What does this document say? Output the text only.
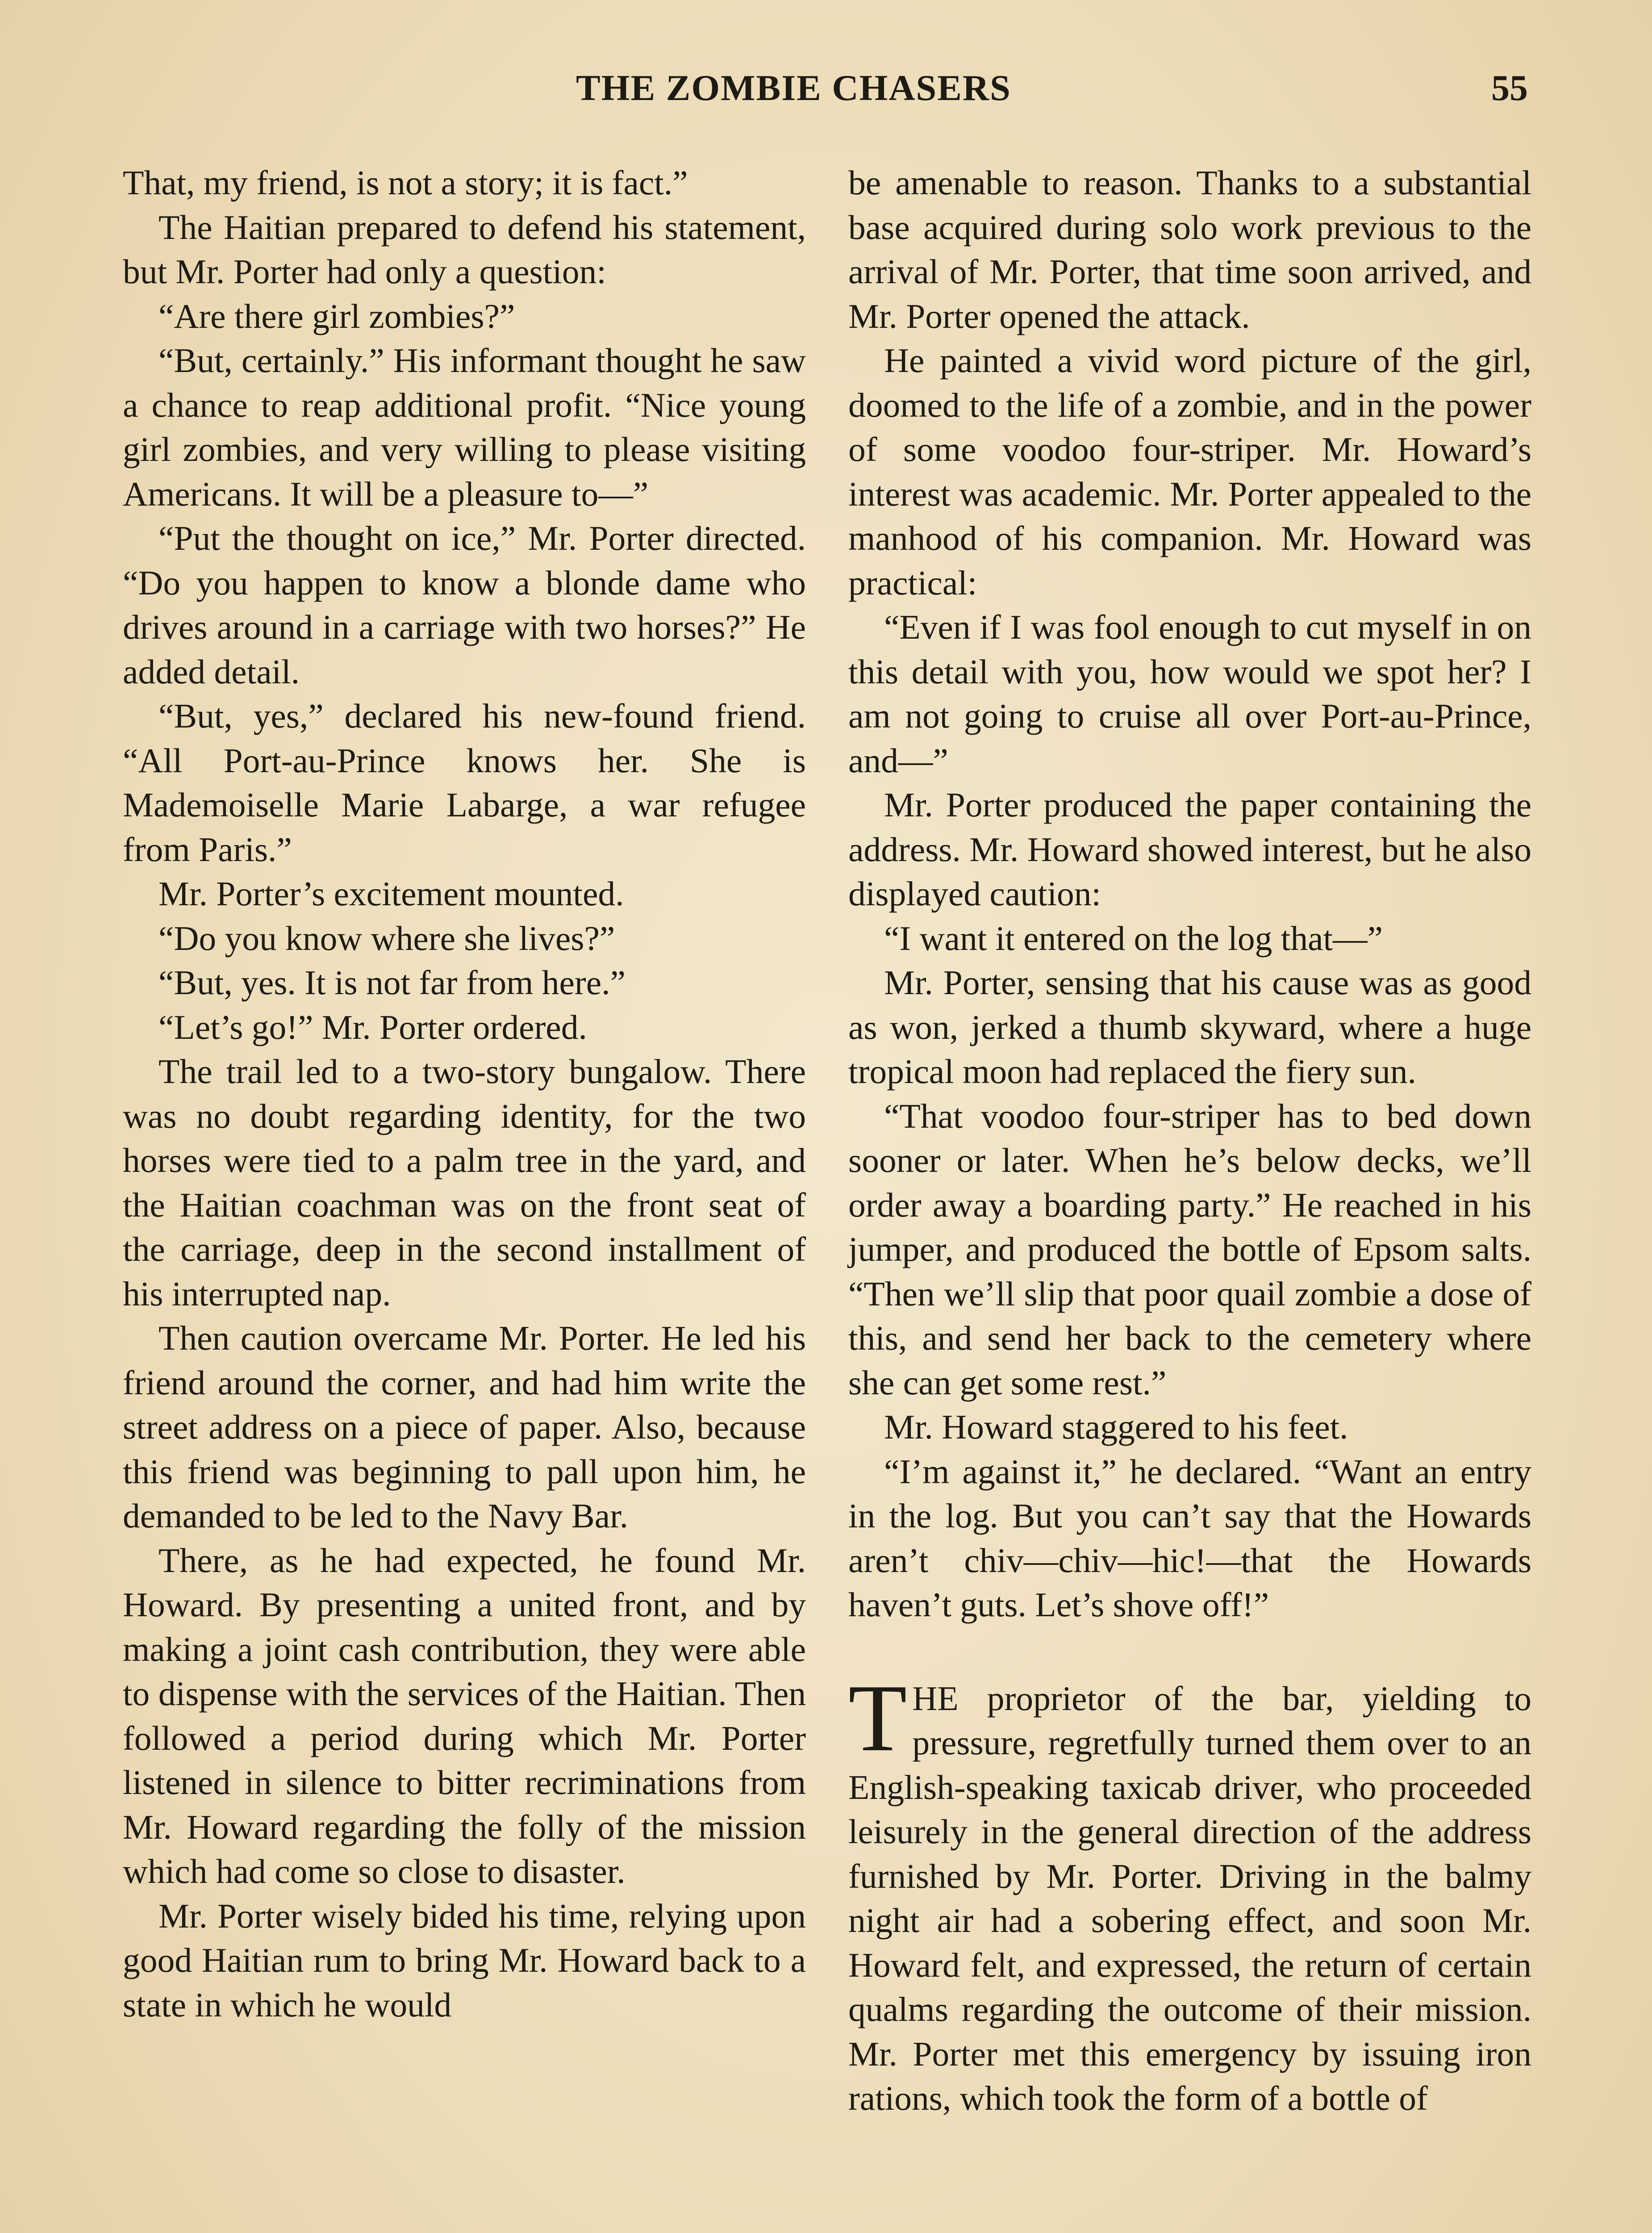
THE ZOMBIE CHASERS	55

That, my friend, is not a story; it is fact.”

The Haitian prepared to defend his statement, but Mr. Porter had only a question:

“Are there girl zombies?”

“But, certainly.” His informant thought he saw a chance to reap additional profit. “Nice young girl zombies, and very willing to please visiting Americans. It will be a pleasure to—”

“Put the thought on ice,” Mr. Porter directed. “Do you happen to know a blonde dame who drives around in a carriage with two horses?” He added detail.

“But, yes,” declared his new-found friend. “All Port-au-Prince knows her. She is Mademoiselle Marie Labarge, a war refugee from Paris.”

Mr. Porter’s excitement mounted.

“Do you know where she lives?”

“But, yes. It is not far from here.”

“Let’s go!” Mr. Porter ordered.

The trail led to a two-story bungalow. There was no doubt regarding identity, for the two horses were tied to a palm tree in the yard, and the Haitian coachman was on the front seat of the carriage, deep in the second installment of his interrupted nap.

Then caution overcame Mr. Porter. He led his friend around the corner, and had him write the street address on a piece of paper. Also, because this friend was beginning to pall upon him, he demanded to be led to the Navy Bar.

There, as he had expected, he found Mr. Howard. By presenting a united front, and by making a joint cash contribution, they were able to dispense with the services of the Haitian. Then followed a period during which Mr. Porter listened in silence to bitter recriminations from Mr. Howard regarding the folly of the mission which had come so close to disaster.

Mr. Porter wisely bided his time, relying upon good Haitian rum to bring Mr. Howard back to a state in which he would

be amenable to reason. Thanks to a substantial base acquired during solo work previous to the arrival of Mr. Porter, that time soon arrived, and Mr. Porter opened the attack.

He painted a vivid word picture of the girl, doomed to the life of a zombie, and in the power of some voodoo four-striper. Mr. Howard’s interest was academic. Mr. Porter appealed to the manhood of his companion. Mr. Howard was practical:

“Even if I was fool enough to cut myself in on this detail with you, how would we spot her? I am not going to cruise all over Port-au-Prince, and—”

Mr. Porter produced the paper containing the address. Mr. Howard showed interest, but he also displayed caution:

“I want it entered on the log that—”

Mr. Porter, sensing that his cause was as good as won, jerked a thumb skyward, where a huge tropical moon had replaced the fiery sun.

“That voodoo four-striper has to bed down sooner or later. When he’s below decks, we’ll order away a boarding party.” He reached in his jumper, and produced the bottle of Epsom salts. “Then we’ll slip that poor quail zombie a dose of this, and send her back to the cemetery where she can get some rest.”

Mr. Howard staggered to his feet.

“I’m against it,” he declared. “Want an entry in the log. But you can’t say that the Howards aren’t chiv—chiv—hic!—that the Howards haven’t guts. Let’s shove off!”

THE proprietor of the bar, yielding to pressure, regretfully turned them over to an English-speaking taxicab driver, who proceeded leisurely in the general direction of the address furnished by Mr. Porter. Driving in the balmy night air had a sobering effect, and soon Mr. Howard felt, and expressed, the return of certain qualms regarding the outcome of their mission. Mr. Porter met this emergency by issuing iron rations, which took the form of a bottle of
